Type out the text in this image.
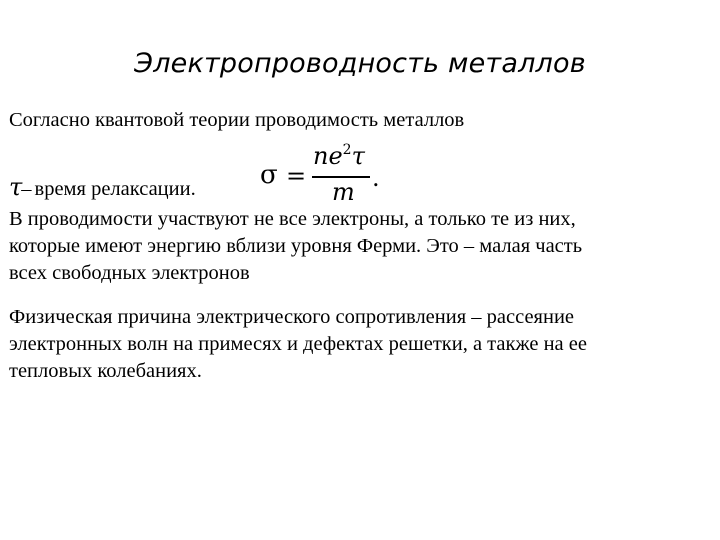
Электропроводность металлов
Согласно квантовой теории проводимость металлов
σ =
$ne^2\tau$
m .
τ– время релаксации.
В проводимости участвуют не все электроны, а только те из них,
которые имеют энергию вблизи уровня Ферми. Это – малая часть
всех свободных электронов
Физическая причина электрического сопротивления – рассеяние
электронных волн на примесях и дефектах решетки, а также на ее
тепловых колебаниях.
